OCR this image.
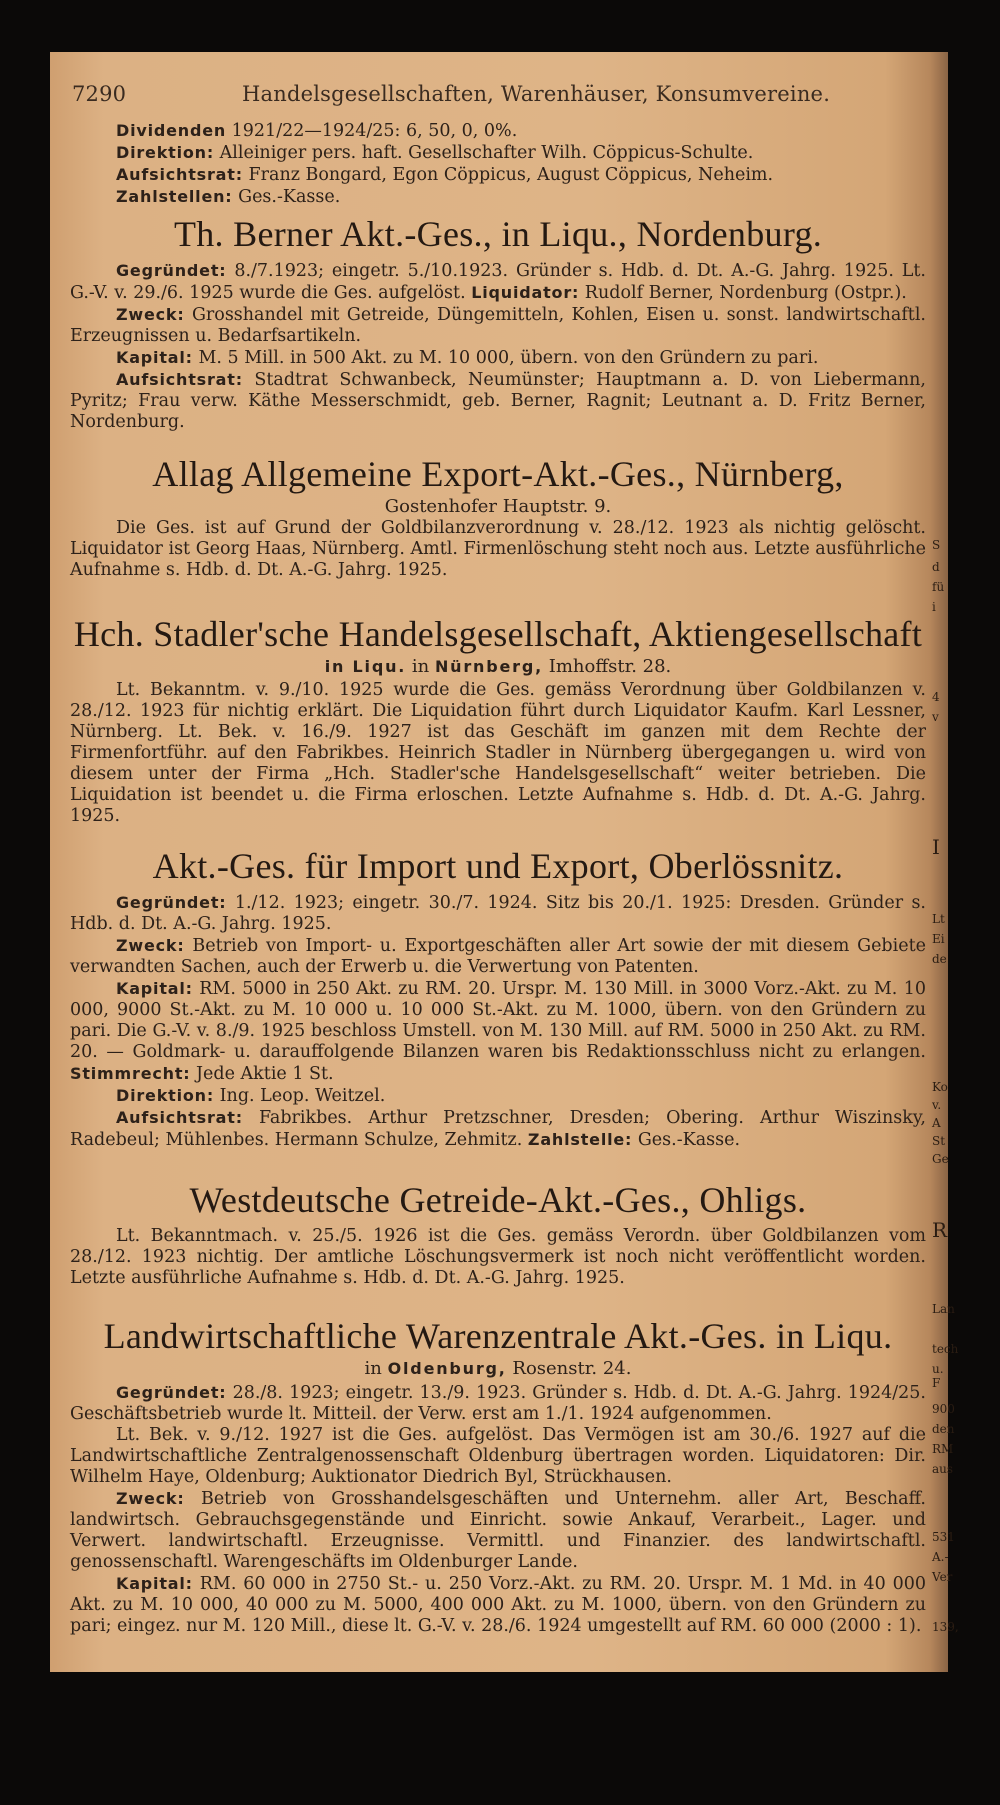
7290	Handelsgesellschaften, Warenhäuser, Konsumvereine.

Dividenden 1921/22—1924/25: 6, 50, 0, 0%.

Direktion: Alleiniger pers. haft. Gesellschafter Wilh. Cöppicus-Schulte.

Aufsichtsrat: Franz Bongard, Egon Cöppicus, August Cöppicus, Neheim.

Zahlstellen: Ges.-Kasse.

Th. Berner Akt.-Ges., in Liqu., Nordenburg.

Gegründet: 8./7.1923; eingetr. 5./10.1923. Gründer s. Hdb. d. Dt. A.-G. Jahrg. 1925. Lt. G.-V. v. 29./6. 1925 wurde die Ges. aufgelöst. Liquidator: Rudolf Berner, Nordenburg (Ostpr.).

Zweck: Grosshandel mit Getreide, Düngemitteln, Kohlen, Eisen u. sonst. landwirtschaftl. Erzeugnissen u. Bedarfsartikeln.

Kapital: M. 5 Mill. in 500 Akt. zu M. 10 000, übern. von den Gründern zu pari.

Aufsichtsrat: Stadtrat Schwanbeck, Neumünster; Hauptmann a. D. von Liebermann, Pyritz; Frau verw. Käthe Messerschmidt, geb. Berner, Ragnit; Leutnant a. D. Fritz Berner, Nordenburg.

Allag Allgemeine Export-Akt.-Ges., Nürnberg,
Gostenhofer Hauptstr. 9.

Die Ges. ist auf Grund der Goldbilanzverordnung v. 28./12. 1923 als nichtig gelöscht. Liquidator ist Georg Haas, Nürnberg. Amtl. Firmenlöschung steht noch aus. Letzte ausführliche Aufnahme s. Hdb. d. Dt. A.-G. Jahrg. 1925.

Hch. Stadler'sche Handelsgesellschaft, Aktiengesellschaft
in Liqu. in Nürnberg, Imhoffstr. 28.

Lt. Bekanntm. v. 9./10. 1925 wurde die Ges. gemäss Verordnung über Goldbilanzen v. 28./12. 1923 für nichtig erklärt. Die Liquidation führt durch Liquidator Kaufm. Karl Lessner, Nürnberg. Lt. Bek. v. 16./9. 1927 ist das Geschäft im ganzen mit dem Rechte der Firmenfortführ. auf den Fabrikbes. Heinrich Stadler in Nürnberg übergegangen u. wird von diesem unter der Firma „Hch. Stadler'sche Handelsgesellschaft“ weiter betrieben. Die Liquidation ist beendet u. die Firma erloschen. Letzte Aufnahme s. Hdb. d. Dt. A.-G. Jahrg. 1925.

Akt.-Ges. für Import und Export, Oberlössnitz.

Gegründet: 1./12. 1923; eingetr. 30./7. 1924. Sitz bis 20./1. 1925: Dresden. Gründer s. Hdb. d. Dt. A.-G. Jahrg. 1925.

Zweck: Betrieb von Import- u. Exportgeschäften aller Art sowie der mit diesem Gebiete verwandten Sachen, auch der Erwerb u. die Verwertung von Patenten.

Kapital: RM. 5000 in 250 Akt. zu RM. 20. Urspr. M. 130 Mill. in 3000 Vorz.-Akt. zu M. 10 000, 9000 St.-Akt. zu M. 10 000 u. 10 000 St.-Akt. zu M. 1000, übern. von den Gründern zu pari. Die G.-V. v. 8./9. 1925 beschloss Umstell. von M. 130 Mill. auf RM. 5000 in 250 Akt. zu RM. 20. — Goldmark- u. darauffolgende Bilanzen waren bis Redaktionsschluss nicht zu erlangen. Stimmrecht: Jede Aktie 1 St.

Direktion: Ing. Leop. Weitzel.

Aufsichtsrat: Fabrikbes. Arthur Pretzschner, Dresden; Obering. Arthur Wiszinsky, Radebeul; Mühlenbes. Hermann Schulze, Zehmitz. Zahlstelle: Ges.-Kasse.

Westdeutsche Getreide-Akt.-Ges., Ohligs.

Lt. Bekanntmach. v. 25./5. 1926 ist die Ges. gemäss Verordn. über Goldbilanzen vom 28./12. 1923 nichtig. Der amtliche Löschungsvermerk ist noch nicht veröffentlicht worden. Letzte ausführliche Aufnahme s. Hdb. d. Dt. A.-G. Jahrg. 1925.

Landwirtschaftliche Warenzentrale Akt.-Ges. in Liqu.
in Oldenburg, Rosenstr. 24.

Gegründet: 28./8. 1923; eingetr. 13./9. 1923. Gründer s. Hdb. d. Dt. A.-G. Jahrg. 1924/25. Geschäftsbetrieb wurde lt. Mitteil. der Verw. erst am 1./1. 1924 aufgenommen.

Lt. Bek. v. 9./12. 1927 ist die Ges. aufgelöst. Das Vermögen ist am 30./6. 1927 auf die Landwirtschaftliche Zentralgenossenschaft Oldenburg übertragen worden. Liquidatoren: Dir. Wilhelm Haye, Oldenburg; Auktionator Diedrich Byl, Strückhausen.

Zweck: Betrieb von Grosshandelsgeschäften und Unternehm. aller Art, Beschaff. landwirtsch. Gebrauchsgegenstände und Einricht. sowie Ankauf, Verarbeit., Lager. und Verwert. landwirtschaftl. Erzeugnisse. Vermittl. und Finanzier. des landwirtschaftl. genossenschaftl. Warengeschäfts im Oldenburger Lande.

Kapital: RM. 60 000 in 2750 St.- u. 250 Vorz.-Akt. zu RM. 20. Urspr. M. 1 Md. in 40 000 Akt. zu M. 10 000, 40 000 zu M. 5000, 400 000 Akt. zu M. 1000, übern. von den Gründern zu pari; eingez. nur M. 120 Mill., diese lt. G.-V. v. 28./6. 1924 umgestellt auf RM. 60 000 (2000 : 1).

S
d
fü
i
4
v
I
Lt
Ei
de
Ko
v.
A
St
Ge
R
Lan
tech
u. F
900
den
RM
aus
531
A.-
Ver
139,
